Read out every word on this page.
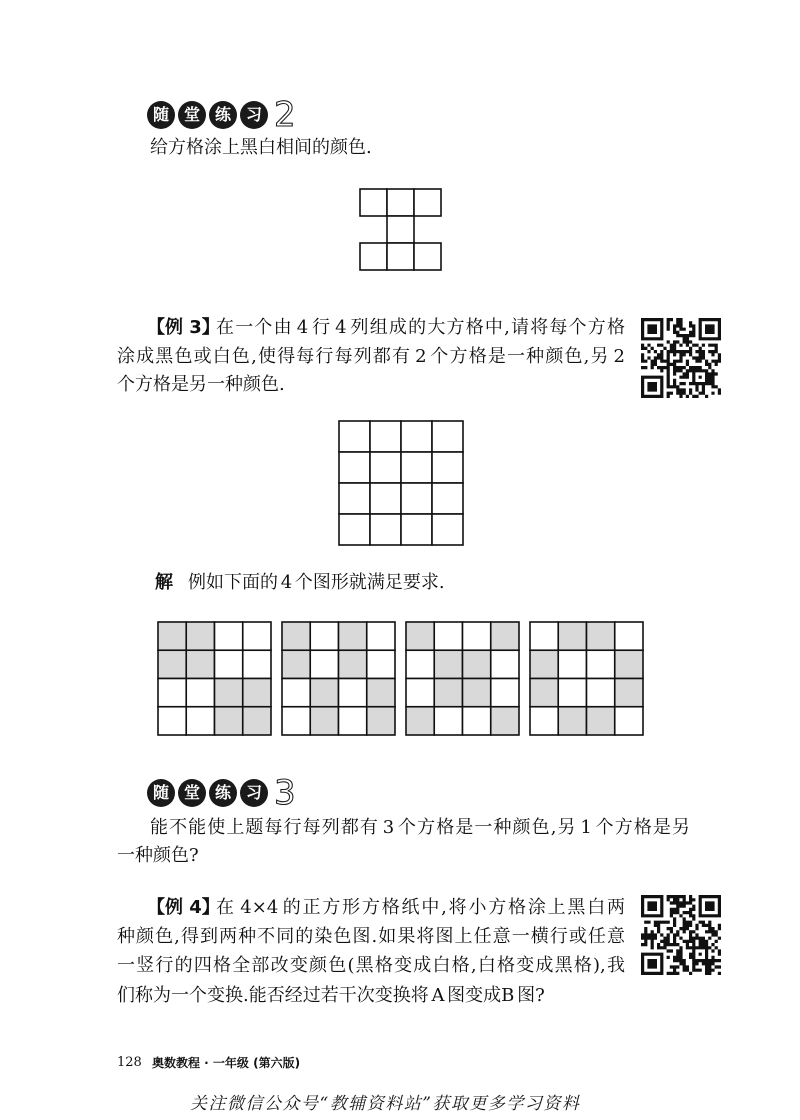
随 堂 练 习 2
给方格涂上黑白相间的颜色.
【例 3】
在一个由 4 行 4 列组成的大方格中,请将每个方格
涂成黑色或白色,使得每行每列都有 2 个方格是一种颜色,另 2
个方格是另一种颜色.
解 例如下面的 4 个图形就满足要求.
随 堂 练 习 3
能不能使上题每行每列都有 3 个方格是一种颜色,另 1 个方格是另
一种颜色?
【例 4】
在 4×4 的正方形方格纸中,将小方格涂上黑白两
种颜色,得到两种不同的染色图.如果将图上任意一横行或任意
一竖行的四格全部改变颜色(黑格变成白格,白格变成黑格),我
们称为一个变换.能否经过若干次变换将 A 图变成B 图?
128 奥数教程 · 一年级 (第六版)
关注微信公众号“教辅资料站”获取更多学习资料
